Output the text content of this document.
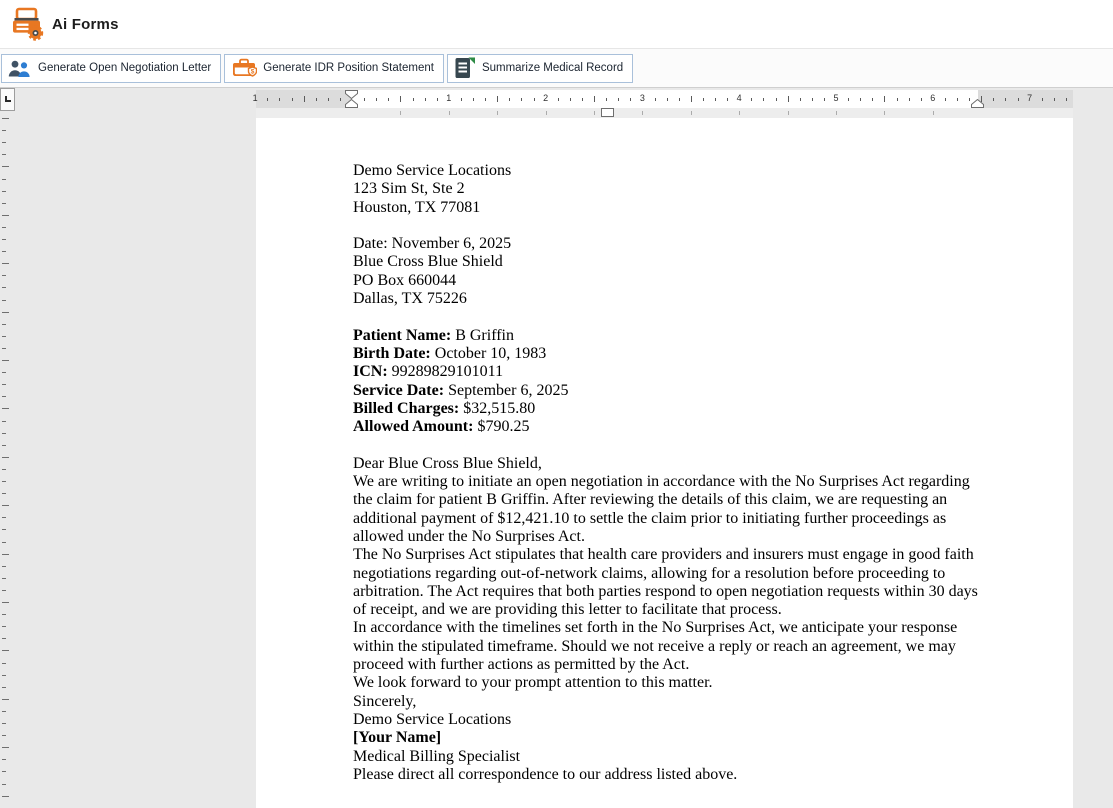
Ai Forms
Generate Open Negotiation Letter	$ Generate IDR Position Statement	Summarize Medical Record
1	1	2	3	4	5	6	7

Demo Service Locations

123 Sim St, Ste 2

Houston, TX 77081

Date: November 6, 2025

Blue Cross Blue Shield

PO Box 660044

Dallas, TX 75226

Patient Name: B Griffin

Birth Date: October 10, 1983

ICN: 99289829101011

Service Date: September 6, 2025

Billed Charges: $32,515.80

Allowed Amount: $790.25

Dear Blue Cross Blue Shield,

We are writing to initiate an open negotiation in accordance with the No Surprises Act regarding the claim for patient B Griffin. After reviewing the details of this claim, we are requesting an additional payment of $12,421.10 to settle the claim prior to initiating further proceedings as allowed under the No Surprises Act.

The No Surprises Act stipulates that health care providers and insurers must engage in good faith negotiations regarding out-of-network claims, allowing for a resolution before proceeding to arbitration. The Act requires that both parties respond to open negotiation requests within 30 days of receipt, and we are providing this letter to facilitate that process.

In accordance with the timelines set forth in the No Surprises Act, we anticipate your response within the stipulated timeframe. Should we not receive a reply or reach an agreement, we may proceed with further actions as permitted by the Act.

We look forward to your prompt attention to this matter.

Sincerely,

Demo Service Locations

[Your Name]

Medical Billing Specialist

Please direct all correspondence to our address listed above.
